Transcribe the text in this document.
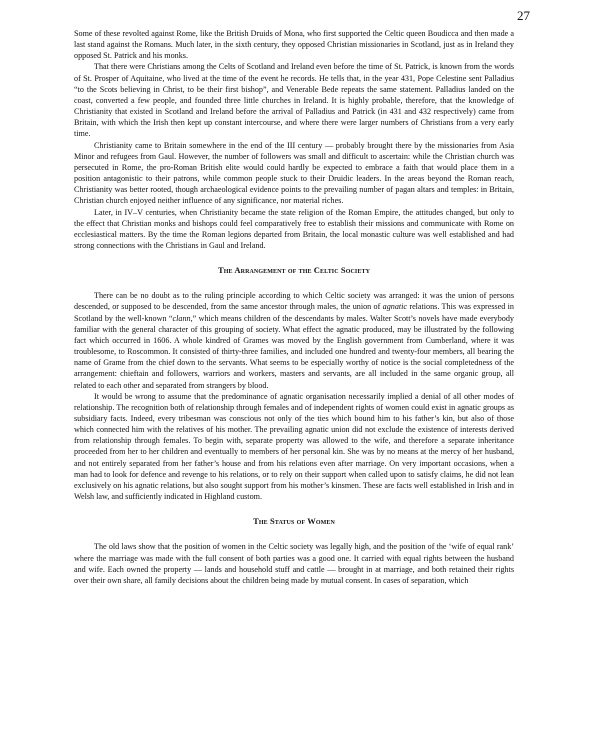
27

Some of these revolted against Rome, like the British Druids of Mona, who first supported the Celtic queen Boudicca and then made a last stand against the Romans. Much later, in the sixth century, they opposed Christian missionaries in Scotland, just as in Ireland they opposed St. Patrick and his monks.

That there were Christians among the Celts of Scotland and Ireland even before the time of St. Patrick, is known from the words of St. Prosper of Aquitaine, who lived at the time of the event he records. He tells that, in the year 431, Pope Celestine sent Palladius “to the Scots believing in Christ, to be their first bishop”, and Venerable Bede repeats the same statement. Palladius landed on the coast, converted a few people, and founded three little churches in Ireland. It is highly probable, therefore, that the knowledge of Christianity that existed in Scotland and Ireland before the arrival of Palladius and Patrick (in 431 and 432 respectively) came from Britain, with which the Irish then kept up constant intercourse, and where there were larger numbers of Christians from a very early time.

Christianity came to Britain somewhere in the end of the III century — probably brought there by the missionaries from Asia Minor and refugees from Gaul. However, the number of followers was small and difficult to ascertain: while the Christian church was persecuted in Rome, the pro-Roman British elite would could hardly be expected to embrace a faith that would place them in a position antagonistic to their patrons, while common people stuck to their Druidic leaders. In the areas beyond the Roman reach, Christianity was better rooted, though archaeological evidence points to the prevailing number of pagan altars and temples: in Britain, Christian church enjoyed neither influence of any significance, nor material riches.

Later, in IV–V centuries, when Christianity became the state religion of the Roman Empire, the attitudes changed, but only to the effect that Christian monks and bishops could feel comparatively free to establish their missions and communicate with Rome on ecclesiastical matters. By the time the Roman legions departed from Britain, the local monastic culture was well established and had strong connections with the Christians in Gaul and Ireland.

The Arrangement of the Celtic Society

There can be no doubt as to the ruling principle according to which Celtic society was arranged: it was the union of persons descended, or supposed to be descended, from the same ancestor through males, the union of agnatic relations. This was expressed in Scotland by the well-known “clann,” which means children of the descendants by males. Walter Scott’s novels have made everybody familiar with the general character of this grouping of society. What effect the agnatic produced, may be illustrated by the following fact which occurred in 1606. A whole kindred of Grames was moved by the English government from Cumberland, where it was troublesome, to Roscommon. It consisted of thirty-three families, and included one hundred and twenty-four members, all bearing the name of Grame from the chief down to the servants. What seems to be especially worthy of notice is the social completedness of the arrangement: chieftain and followers, warriors and workers, masters and servants, are all included in the same organic group, all related to each other and separated from strangers by blood.

It would be wrong to assume that the predominance of agnatic organisation necessarily implied a denial of all other modes of relationship. The recognition both of relationship through females and of independent rights of women could exist in agnatic groups as subsidiary facts. Indeed, every tribesman was conscious not only of the ties which bound him to his father’s kin, but also of those which connected him with the relatives of his mother. The prevailing agnatic union did not exclude the existence of interests derived from relationship through females. To begin with, separate property was allowed to the wife, and therefore a separate inheritance proceeded from her to her children and eventually to members of her personal kin. She was by no means at the mercy of her husband, and not entirely separated from her father’s house and from his relations even after marriage. On very important occasions, when a man had to look for defence and revenge to his relations, or to rely on their support when called upon to satisfy claims, he did not lean exclusively on his agnatic relations, but also sought support from his mother’s kinsmen. These are facts well established in Irish and in Welsh law, and sufficiently indicated in Highland custom.

The Status of Women

The old laws show that the position of women in the Celtic society was legally high, and the position of the ‘wife of equal rank’ where the marriage was made with the full consent of both parties was a good one. It carried with equal rights between the husband and wife. Each owned the property — lands and household stuff and cattle — brought in at marriage, and both retained their rights over their own share, all family decisions about the children being made by mutual consent. In cases of separation, which
